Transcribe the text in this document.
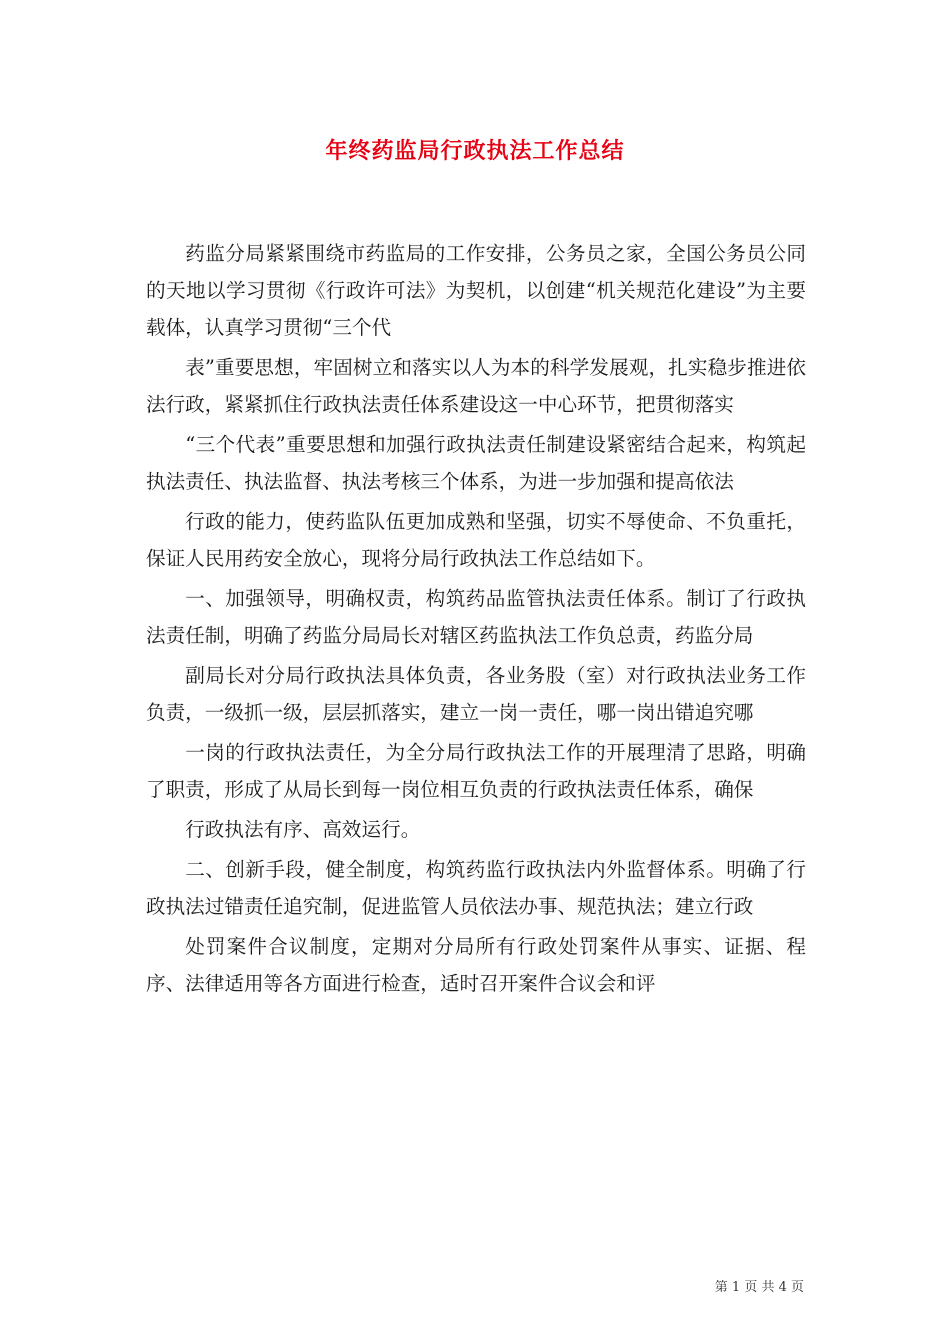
年终药监局行政执法工作总结

药监分局紧紧围绕市药监局的工作安排，公务员之家，全国公务员公同的天地以学习贯彻《行政许可法》为契机，以创建“机关规范化建设”为主要载体，认真学习贯彻“三个代

表”重要思想，牢固树立和落实以人为本的科学发展观，扎实稳步推进依法行政，紧紧抓住行政执法责任体系建设这一中心环节，把贯彻落实

“三个代表”重要思想和加强行政执法责任制建设紧密结合起来，构筑起执法责任、执法监督、执法考核三个体系，为进一步加强和提高依法

行政的能力，使药监队伍更加成熟和坚强，切实不辱使命、不负重托，保证人民用药安全放心，现将分局行政执法工作总结如下。

一、加强领导，明确权责，构筑药品监管执法责任体系。制订了行政执法责任制，明确了药监分局局长对辖区药监执法工作负总责，药监分局

副局长对分局行政执法具体负责，各业务股（室）对行政执法业务工作负责，一级抓一级，层层抓落实，建立一岗一责任，哪一岗出错追究哪

一岗的行政执法责任，为全分局行政执法工作的开展理清了思路，明确了职责，形成了从局长到每一岗位相互负责的行政执法责任体系，确保

行政执法有序、高效运行。

二、创新手段，健全制度，构筑药监行政执法内外监督体系。明确了行政执法过错责任追究制，促进监管人员依法办事、规范执法；建立行政

处罚案件合议制度，定期对分局所有行政处罚案件从事实、证据、程序、法律适用等各方面进行检查，适时召开案件合议会和评

第 1 页 共 4 页
